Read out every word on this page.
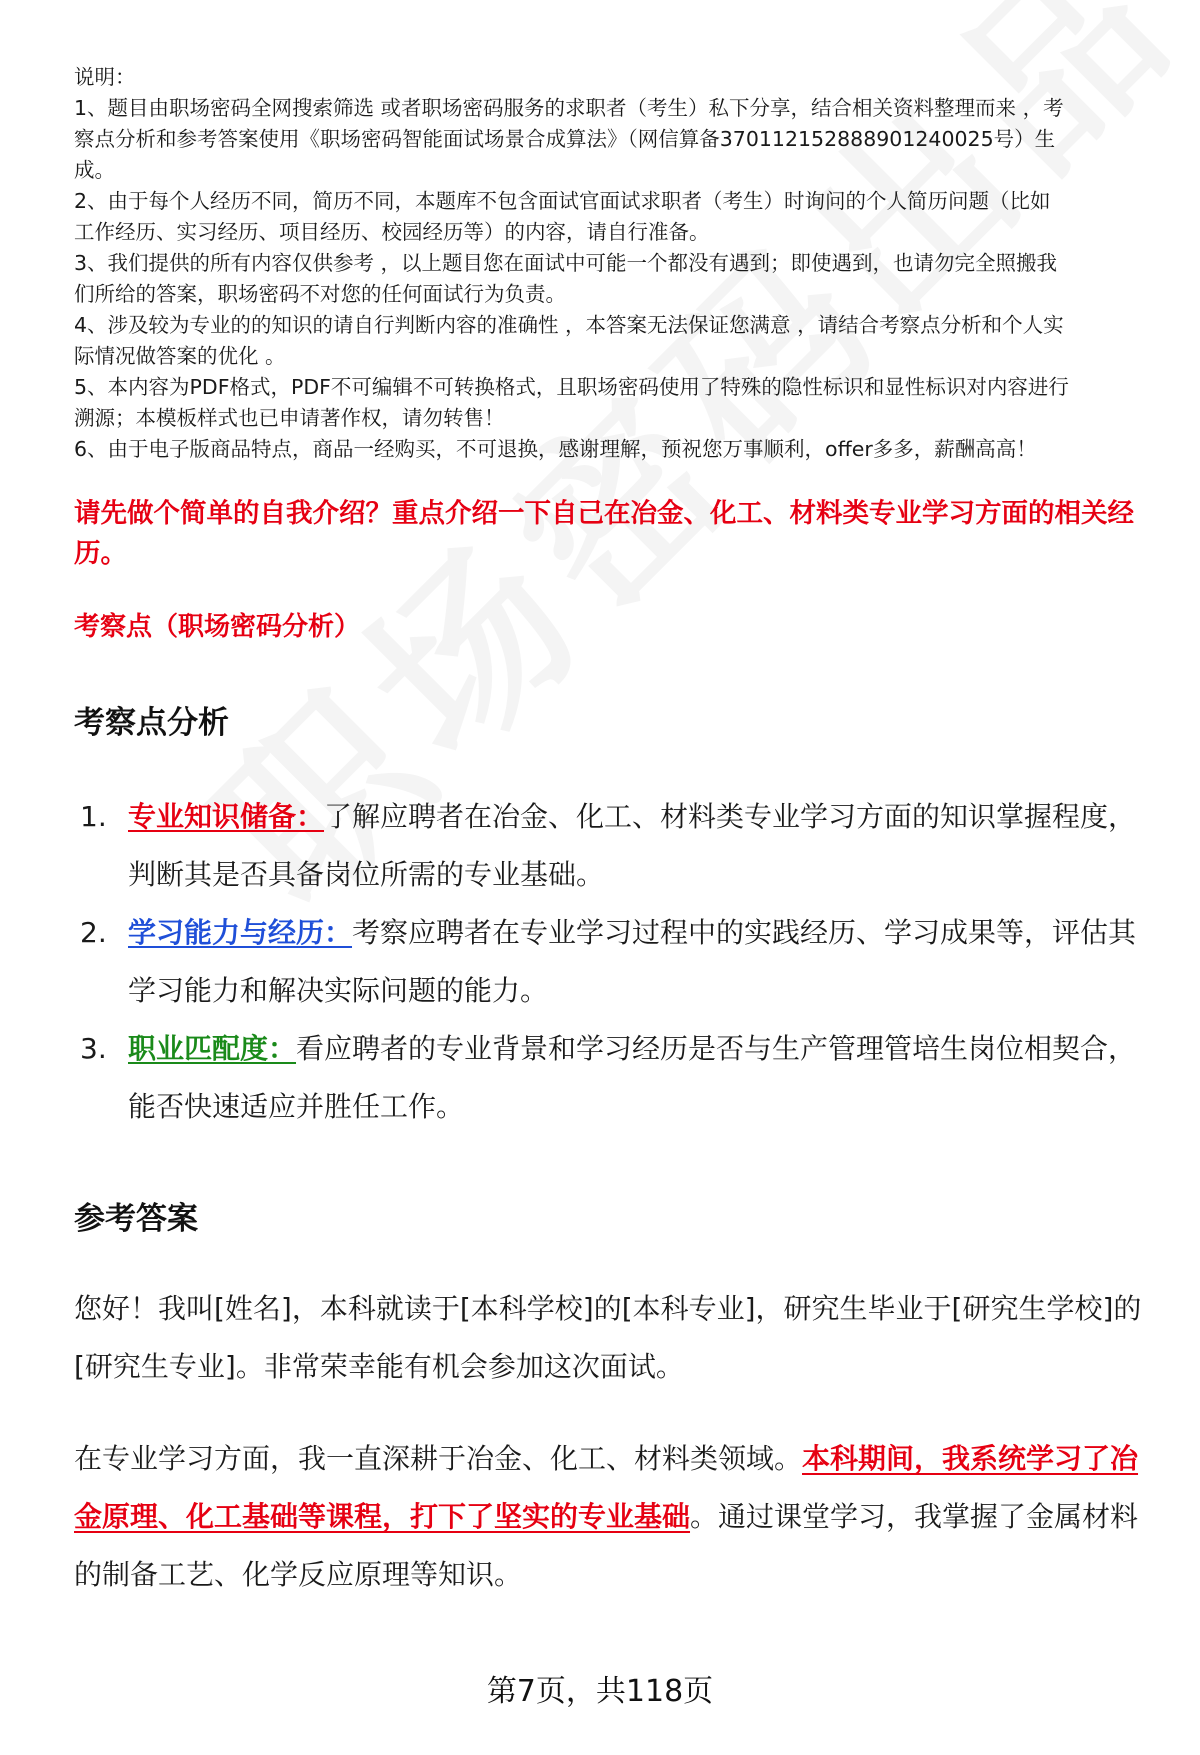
说明：

1、题目由职场密码全网搜索筛选 或者职场密码服务的求职者（考生）私下分享，结合相关资料整理而来 ，考

察点分析和参考答案使用《职场密码智能面试场景合成算法》（网信算备370112152888901240025号）生

成。

2、由于每个人经历不同，简历不同，本题库不包含面试官面试求职者（考生）时询问的个人简历问题（比如

工作经历、实习经历、项目经历、校园经历等）的内容，请自行准备。

3、我们提供的所有内容仅供参考 ，以上题目您在面试中可能一个都没有遇到；即使遇到，也请勿完全照搬我

们所给的答案，职场密码不对您的任何面试行为负责。

4、涉及较为专业的的知识的请自行判断内容的准确性 ，本答案无法保证您满意 ，请结合考察点分析和个人实

际情况做答案的优化 。

5、本内容为PDF格式，PDF不可编辑不可转换格式，且职场密码使用了特殊的隐性标识和显性标识对内容进行

溯源；本模板样式也已申请著作权，请勿转售！

6、由于电子版商品特点，商品一经购买，不可退换，感谢理解，预祝您万事顺利，offer多多，薪酬高高！

请先做个简单的自我介绍？重点介绍一下自己在冶金、化工、材料类专业学习方面的相关经历。
考察点（职场密码分析）
考察点分析
1. 专业知识储备：了解应聘者在冶金、化工、材料类专业学习方面的知识掌握程度，判断其是否具备岗位所需的专业基础。
2. 学习能力与经历：考察应聘者在专业学习过程中的实践经历、学习成果等，评估其学习能力和解决实际问题的能力。
3. 职业匹配度：看应聘者的专业背景和学习经历是否与生产管理管培生岗位相契合，能否快速适应并胜任工作。
参考答案

您好！我叫[姓名]，本科就读于[本科学校]的[本科专业]，研究生毕业于[研究生学校]的[研究生专业]。非常荣幸能有机会参加这次面试。

在专业学习方面，我一直深耕于冶金、化工、材料类领域。本科期间，我系统学习了冶金原理、化工基础等课程，打下了坚实的专业基础。通过课堂学习，我掌握了金属材料的制备工艺、化学反应原理等知识。

第7页，共118页
